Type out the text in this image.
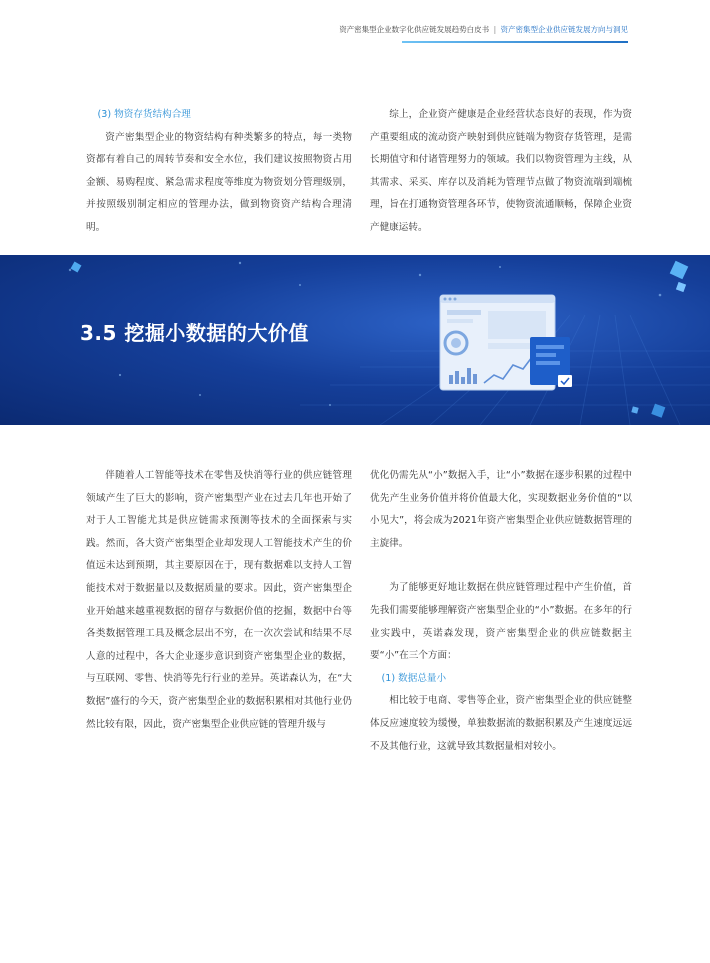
资产密集型企业数字化供应链发展趋势白皮书 | 资产密集型企业供应链发展方向与洞见
(3) 物资存货结构合理
资产密集型企业的物资结构有种类繁多的特点，每一类物资都有着自己的周转节奏和安全水位，我们建议按照物资占用金额、易购程度、紧急需求程度等维度为物资划分管理级别，并按照级别制定相应的管理办法，做到物资资产结构合理清明。
综上，企业资产健康是企业经营状态良好的表现，作为资产重要组成的流动资产映射到供应链端为物资存货管理，是需长期值守和付诸管理努力的领域。我们以物资管理为主线，从其需求、采买、库存以及消耗为管理节点做了物资流端到端梳理，旨在打通物资管理各环节，使物资流通顺畅，保障企业资产健康运转。
3.5 挖掘小数据的大价值
伴随着人工智能等技术在零售及快消等行业的供应链管理领域产生了巨大的影响，资产密集型产业在过去几年也开始了对于人工智能尤其是供应链需求预测等技术的全面探索与实践。然而，各大资产密集型企业却发现人工智能技术产生的价值远未达到预期，其主要原因在于，现有数据难以支持人工智能技术对于数据量以及数据质量的要求。因此，资产密集型企业开始越来越重视数据的留存与数据价值的挖掘，数据中台等各类数据管理工具及概念层出不穷，在一次次尝试和结果不尽人意的过程中，各大企业逐步意识到资产密集型企业的数据，与互联网、零售、快消等先行行业的差异。英诺森认为，在“大数据”盛行的今天，资产密集型企业的数据积累相对其他行业仍然比较有限，因此，资产密集型企业供应链的管理升级与
优化仍需先从“小”数据入手，让“小”数据在逐步积累的过程中优先产生业务价值并将价值最大化，实现数据业务价值的“以小见大”，将会成为2021年资产密集型企业供应链数据管理的主旋律。
为了能够更好地让数据在供应链管理过程中产生价值，首先我们需要能够理解资产密集型企业的“小”数据。在多年的行业实践中，英诺森发现，资产密集型企业的供应链数据主要“小”在三个方面：
(1) 数据总量小
相比较于电商、零售等企业，资产密集型企业的供应链整体反应速度较为缓慢，单独数据流的数据积累及产生速度远远不及其他行业，这就导致其数据量相对较小。
